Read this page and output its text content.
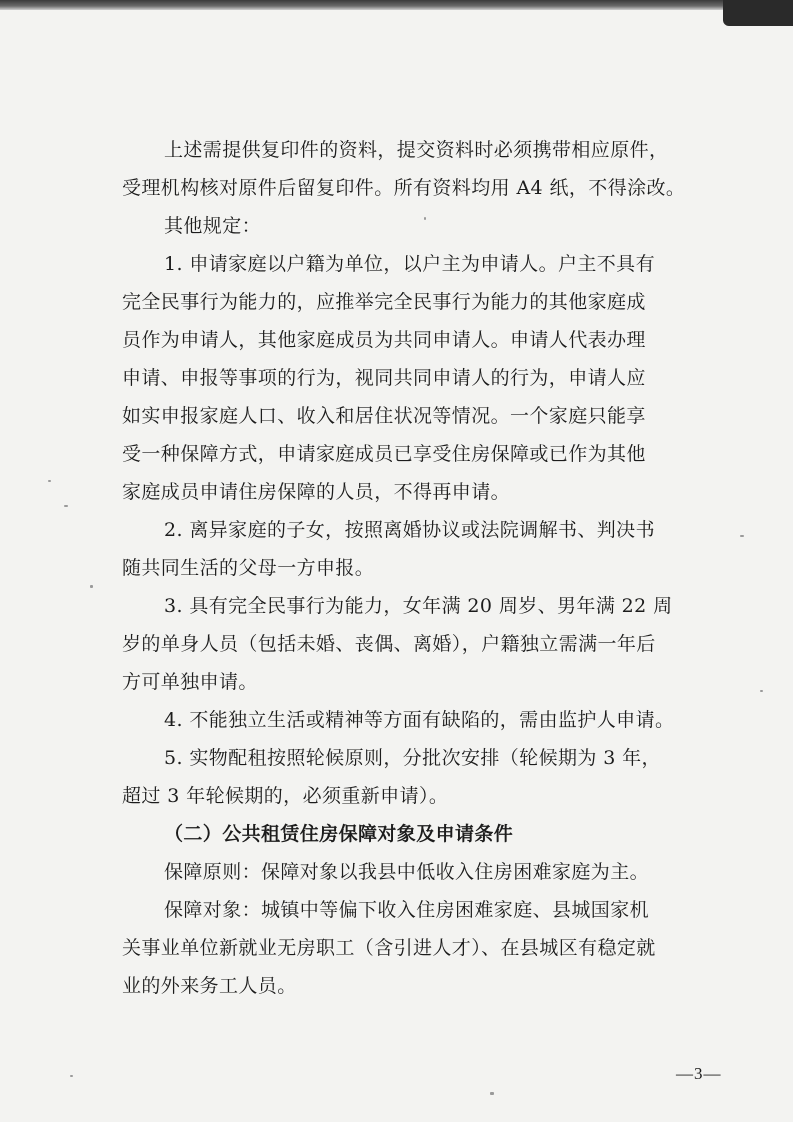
上述需提供复印件的资料，提交资料时必须携带相应原件，
受理机构核对原件后留复印件。所有资料均用 A4 纸，不得涂改。
其他规定：
1. 申请家庭以户籍为单位，以户主为申请人。户主不具有
完全民事行为能力的，应推举完全民事行为能力的其他家庭成
员作为申请人，其他家庭成员为共同申请人。申请人代表办理
申请、申报等事项的行为，视同共同申请人的行为，申请人应
如实申报家庭人口、收入和居住状况等情况。一个家庭只能享
受一种保障方式，申请家庭成员已享受住房保障或已作为其他
家庭成员申请住房保障的人员，不得再申请。
2. 离异家庭的子女，按照离婚协议或法院调解书、判决书
随共同生活的父母一方申报。
3. 具有完全民事行为能力，女年满 20 周岁、男年满 22 周
岁的单身人员（包括未婚、丧偶、离婚），户籍独立需满一年后
方可单独申请。
4. 不能独立生活或精神等方面有缺陷的，需由监护人申请。
5. 实物配租按照轮候原则，分批次安排（轮候期为 3 年，
超过 3 年轮候期的，必须重新申请）。
（二）公共租赁住房保障对象及申请条件
保障原则：保障对象以我县中低收入住房困难家庭为主。
保障对象：城镇中等偏下收入住房困难家庭、县城国家机
关事业单位新就业无房职工（含引进人才）、在县城区有稳定就
业的外来务工人员。
—3—
